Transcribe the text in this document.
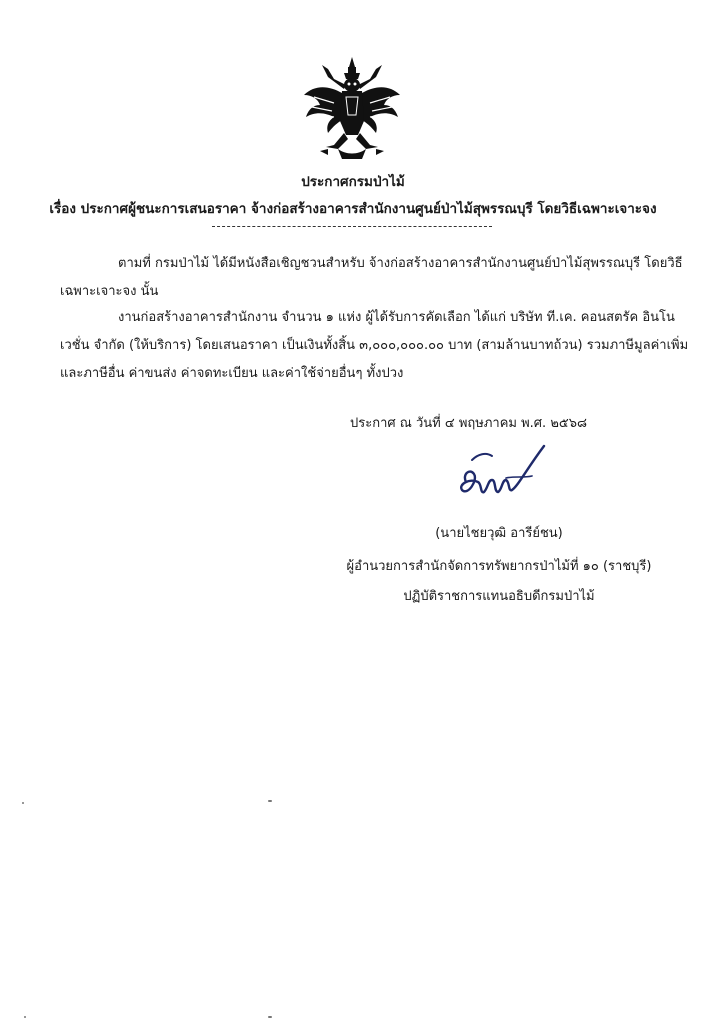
ประกาศกรมป่าไม้
เรื่อง ประกาศผู้ชนะการเสนอราคา จ้างก่อสร้างอาคารสำนักงานศูนย์ป่าไม้สุพรรณบุรี โดยวิธีเฉพาะเจาะจง
ตามที่ กรมป่าไม้ ได้มีหนังสือเชิญชวนสำหรับ จ้างก่อสร้างอาคารสำนักงานศูนย์ป่าไม้สุพรรณบุรี โดยวิธี
เฉพาะเจาะจง นั้น
งานก่อสร้างอาคารสำนักงาน จำนวน ๑ แห่ง ผู้ได้รับการคัดเลือก ได้แก่ บริษัท ที.เค. คอนสตรัค อินโน
เวชั่น จำกัด (ให้บริการ) โดยเสนอราคา เป็นเงินทั้งสิ้น ๓,๐๐๐,๐๐๐.๐๐ บาท (สามล้านบาทถ้วน) รวมภาษีมูลค่าเพิ่ม
และภาษีอื่น ค่าขนส่ง ค่าจดทะเบียน และค่าใช้จ่ายอื่นๆ ทั้งปวง
ประกาศ ณ วันที่ ๔ พฤษภาคม พ.ศ. ๒๕๖๘
(นายไชยวุฒิ อารีย์ชน)
ผู้อำนวยการสำนักจัดการทรัพยากรป่าไม้ที่ ๑๐ (ราชบุรี)
ปฏิบัติราชการแทนอธิบดีกรมป่าไม้
